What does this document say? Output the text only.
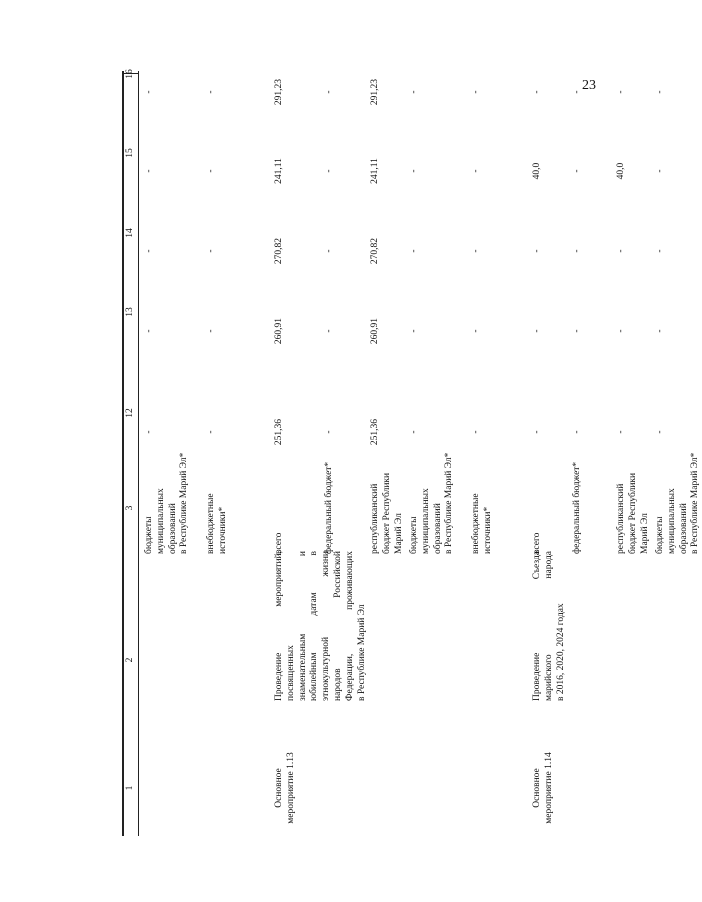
23
1
2
3
12
13
14
15
16
Основное мероприятие 1.13
Проведение мероприятий, посвященных знаменательным и юбилейным датам в этнокультурной жизни народов Российской Федерации, проживающих в Республике Марий Эл
Основное мероприятие 1.14
Проведение Съезда марийского народа в 2016, 2020, 2024 годах
бюджеты муниципальных образований в Республике Марий Эл*
-
-
-
-
-
внебюджетные источники*
-
-
-
-
-
всего
251,36
260,91
270,82
241,11
291,23
федеральный бюджет*
-
-
-
-
-
республиканский бюджет Республики Марий Эл
251,36
260,91
270,82
241,11
291,23
бюджеты муниципальных образований в Республике Марий Эл*
-
-
-
-
-
внебюджетные источники*
-
-
-
-
-
всего
-
-
-
40,0
-
федеральный бюджет*
-
-
-
-
-
республиканский бюджет Республики Марий Эл
-
-
-
40,0
-
бюджеты муниципальных образований в Республике Марий Эл*
-
-
-
-
-
